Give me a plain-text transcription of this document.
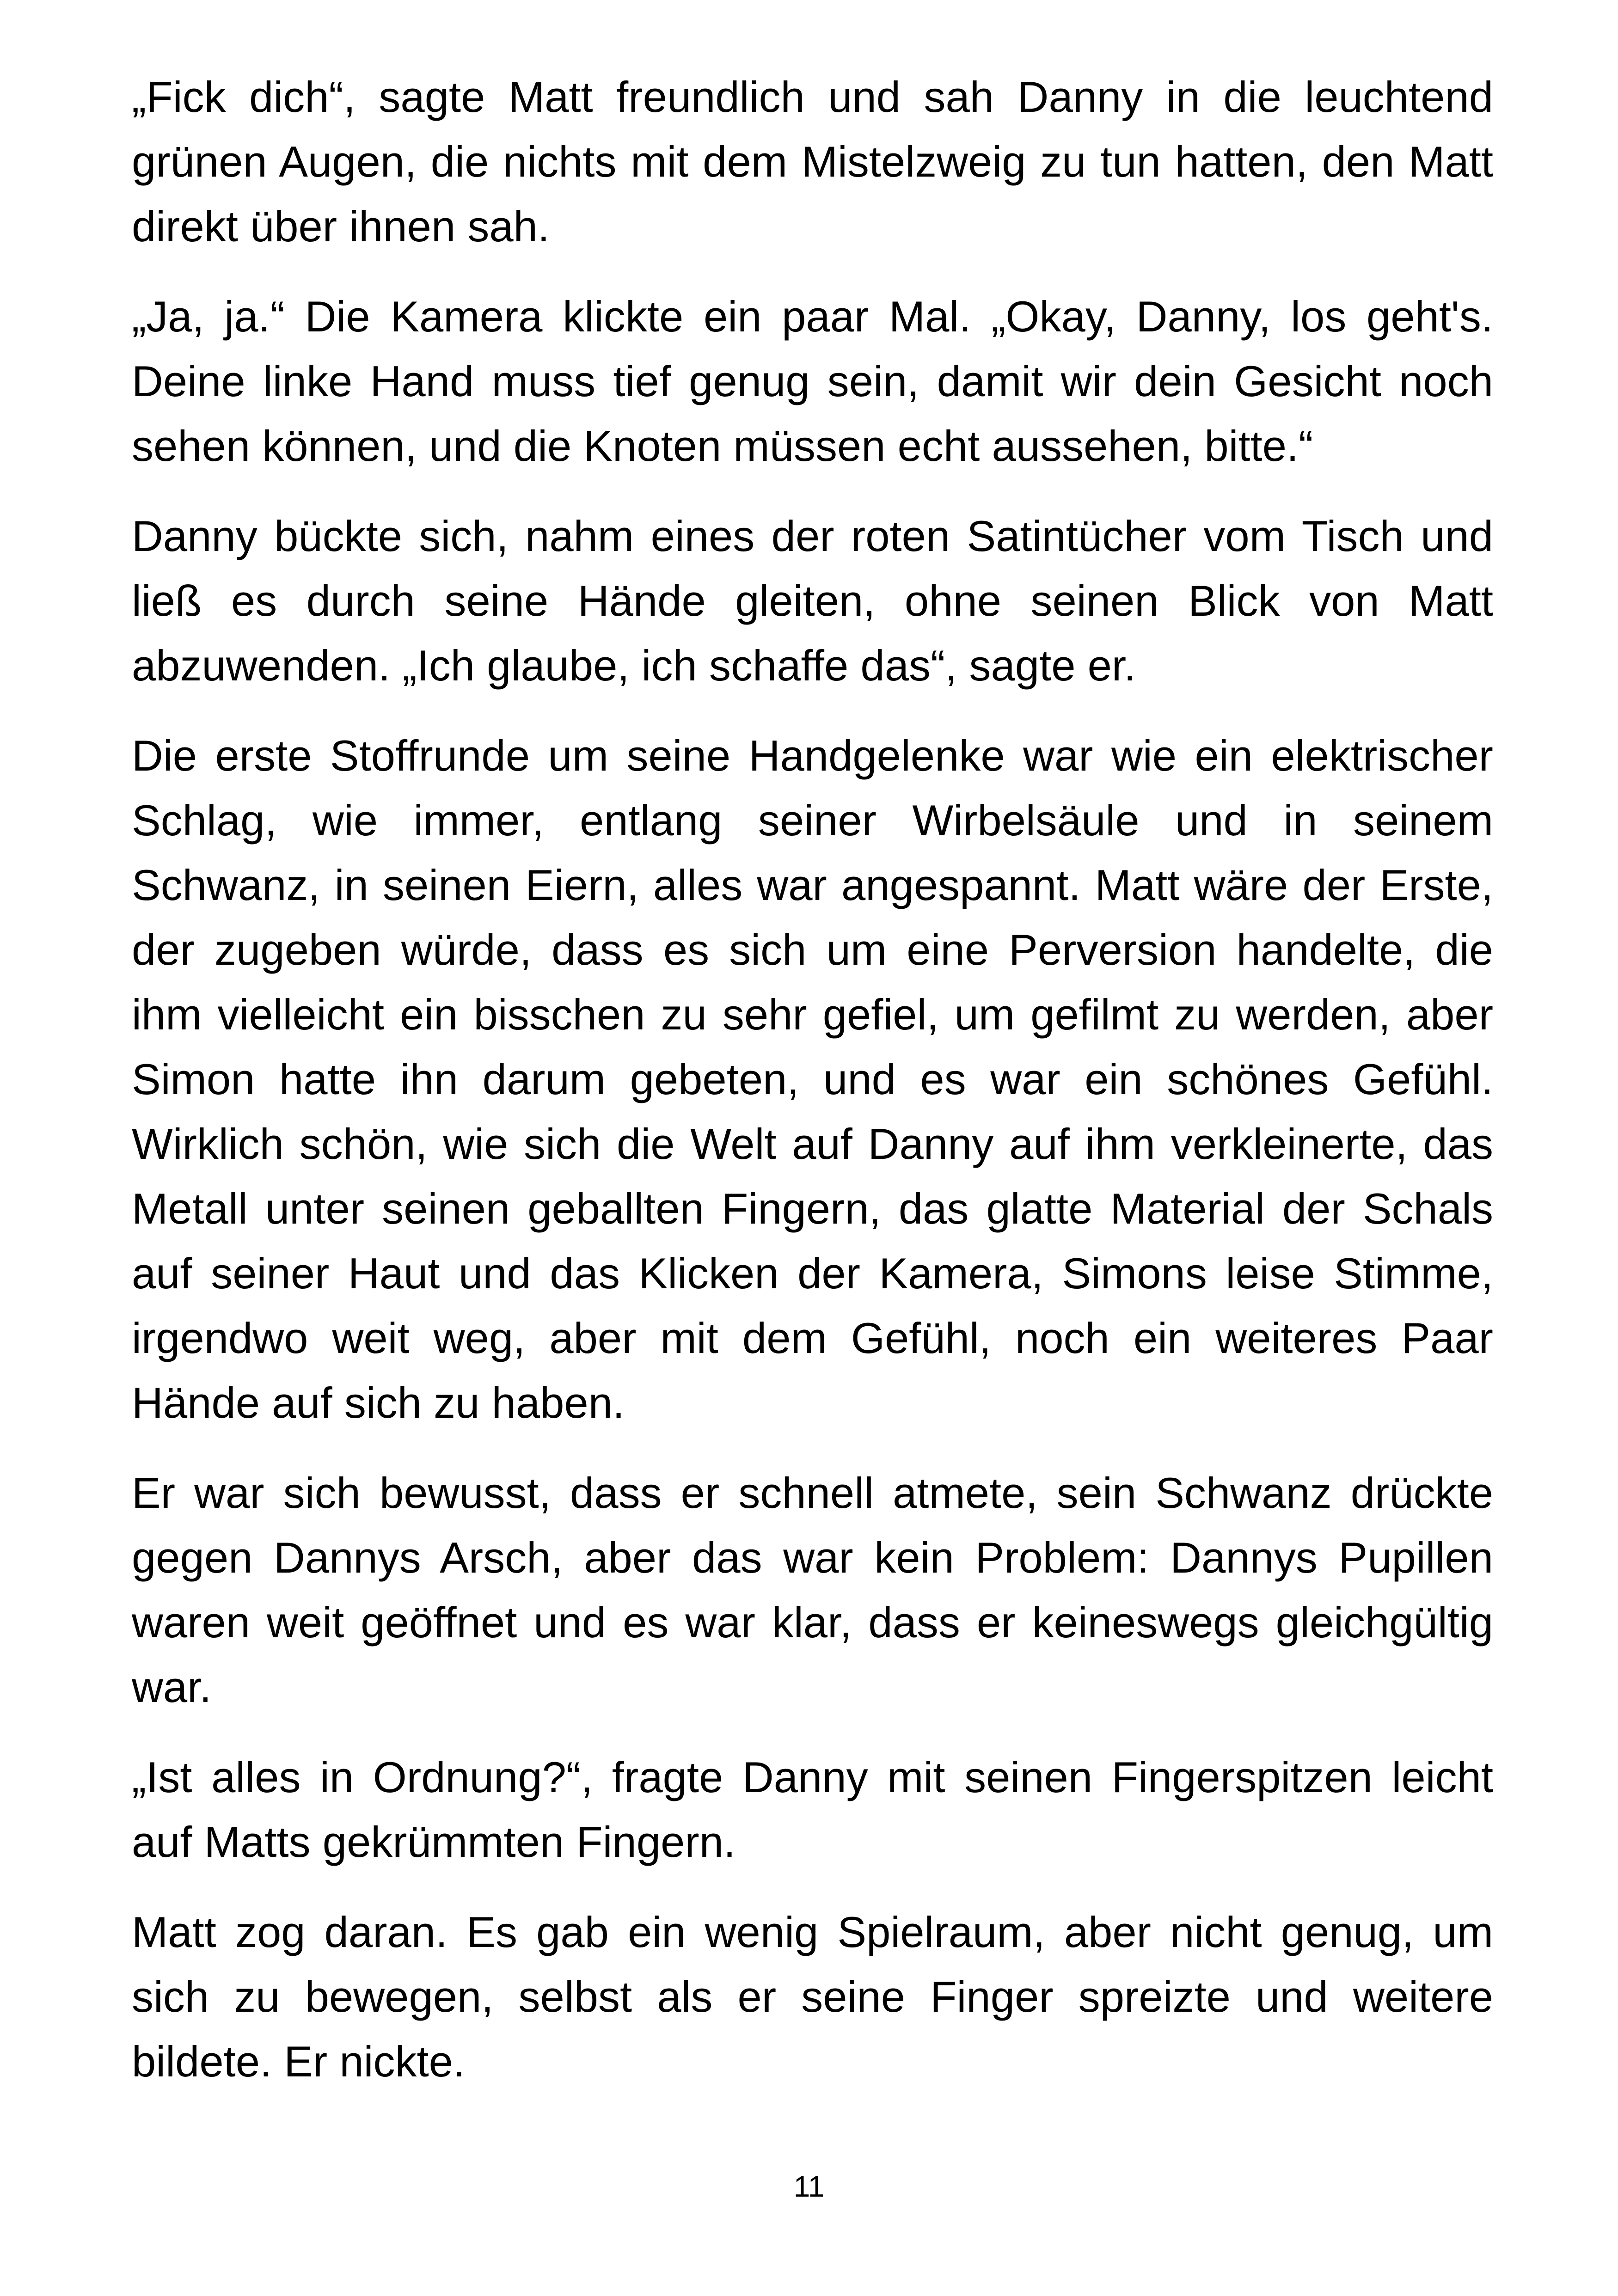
„Fick dich“, sagte Matt freundlich und sah Danny in die leuchtend grünen Augen, die nichts mit dem Mistelzweig zu tun hatten, den Matt direkt über ihnen sah.

„Ja, ja.“ Die Kamera klickte ein paar Mal. „Okay, Danny, los geht's. Deine linke Hand muss tief genug sein, damit wir dein Gesicht noch sehen können, und die Knoten müssen echt aussehen, bitte.“

Danny bückte sich, nahm eines der roten Satintücher vom Tisch und ließ es durch seine Hände gleiten, ohne seinen Blick von Matt abzuwenden. „Ich glaube, ich schaffe das“, sagte er.

Die erste Stoffrunde um seine Handgelenke war wie ein elektrischer Schlag, wie immer, entlang seiner Wirbelsäule und in seinem Schwanz, in seinen Eiern, alles war angespannt. Matt wäre der Erste, der zugeben würde, dass es sich um eine Perversion handelte, die ihm vielleicht ein bisschen zu sehr gefiel, um gefilmt zu werden, aber Simon hatte ihn darum gebeten, und es war ein schönes Gefühl. Wirklich schön, wie sich die Welt auf Danny auf ihm verkleinerte, das Metall unter seinen geballten Fingern, das glatte Material der Schals auf seiner Haut und das Klicken der Kamera, Simons leise Stimme, irgendwo weit weg, aber mit dem Gefühl, noch ein weiteres Paar Hände auf sich zu haben.

Er war sich bewusst, dass er schnell atmete, sein Schwanz drückte gegen Dannys Arsch, aber das war kein Problem: Dannys Pupillen waren weit geöffnet und es war klar, dass er keineswegs gleichgültig war.

„Ist alles in Ordnung?“, fragte Danny mit seinen Fingerspitzen leicht auf Matts gekrümmten Fingern.

Matt zog daran. Es gab ein wenig Spielraum, aber nicht genug, um sich zu bewegen, selbst als er seine Finger spreizte und weitere bildete. Er nickte.

11
